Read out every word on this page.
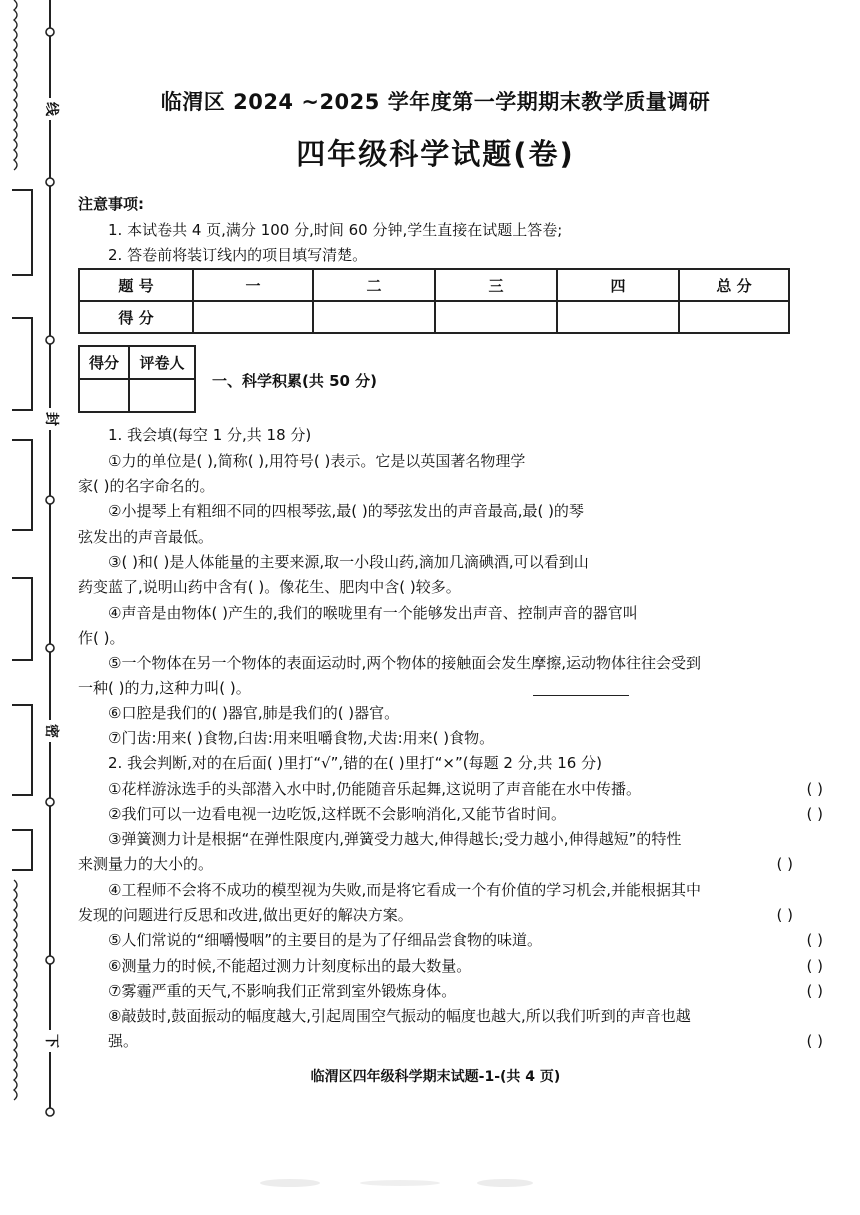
线
封
密
下
临渭区 2024 ~2025 学年度第一学期期末教学质量调研
四年级科学试题(卷)
注意事项:
1. 本试卷共 4 页,满分 100 分,时间 60 分钟,学生直接在试题上答卷;
2. 答卷前将装订线内的项目填写清楚。
题 号	一	二	三	四	总 分
得 分					
得分	评卷人

一、科学积累(共 50 分)
1. 我会填(每空 1 分,共 18 分)
①力的单位是( ),简称( ),用符号( )表示。它是以英国著名物理学
家( )的名字命名的。
②小提琴上有粗细不同的四根琴弦,最( )的琴弦发出的声音最高,最( )的琴
弦发出的声音最低。
③( )和( )是人体能量的主要来源,取一小段山药,滴加几滴碘酒,可以看到山
药变蓝了,说明山药中含有( )。像花生、肥肉中含( )较多。
④声音是由物体( )产生的,我们的喉咙里有一个能够发出声音、控制声音的器官叫
作( )。
⑤一个物体在另一个物体的表面运动时,两个物体的接触面会发生摩擦,运动物体往往会受到
一种( )的力,这种力叫( )。
⑥口腔是我们的( )器官,肺是我们的( )器官。
⑦门齿:用来( )食物,臼齿:用来咀嚼食物,犬齿:用来( )食物。
2. 我会判断,对的在后面( )里打“√”,错的在( )里打“×”(每题 2 分,共 16 分)
①花样游泳选手的头部潜入水中时,仍能随音乐起舞,这说明了声音能在水中传播。	( )
②我们可以一边看电视一边吃饭,这样既不会影响消化,又能节省时间。	( )
③弹簧测力计是根据“在弹性限度内,弹簧受力越大,伸得越长;受力越小,伸得越短”的特性
来测量力的大小的。	( )
④工程师不会将不成功的模型视为失败,而是将它看成一个有价值的学习机会,并能根据其中
发现的问题进行反思和改进,做出更好的解决方案。	( )
⑤人们常说的“细嚼慢咽”的主要目的是为了仔细品尝食物的味道。	( )
⑥测量力的时候,不能超过测力计刻度标出的最大数量。	( )
⑦雾霾严重的天气,不影响我们正常到室外锻炼身体。	( )
⑧敲鼓时,鼓面振动的幅度越大,引起周围空气振动的幅度也越大,所以我们听到的声音也越
强。	( )
临渭区四年级科学期末试题-1-(共 4 页)
